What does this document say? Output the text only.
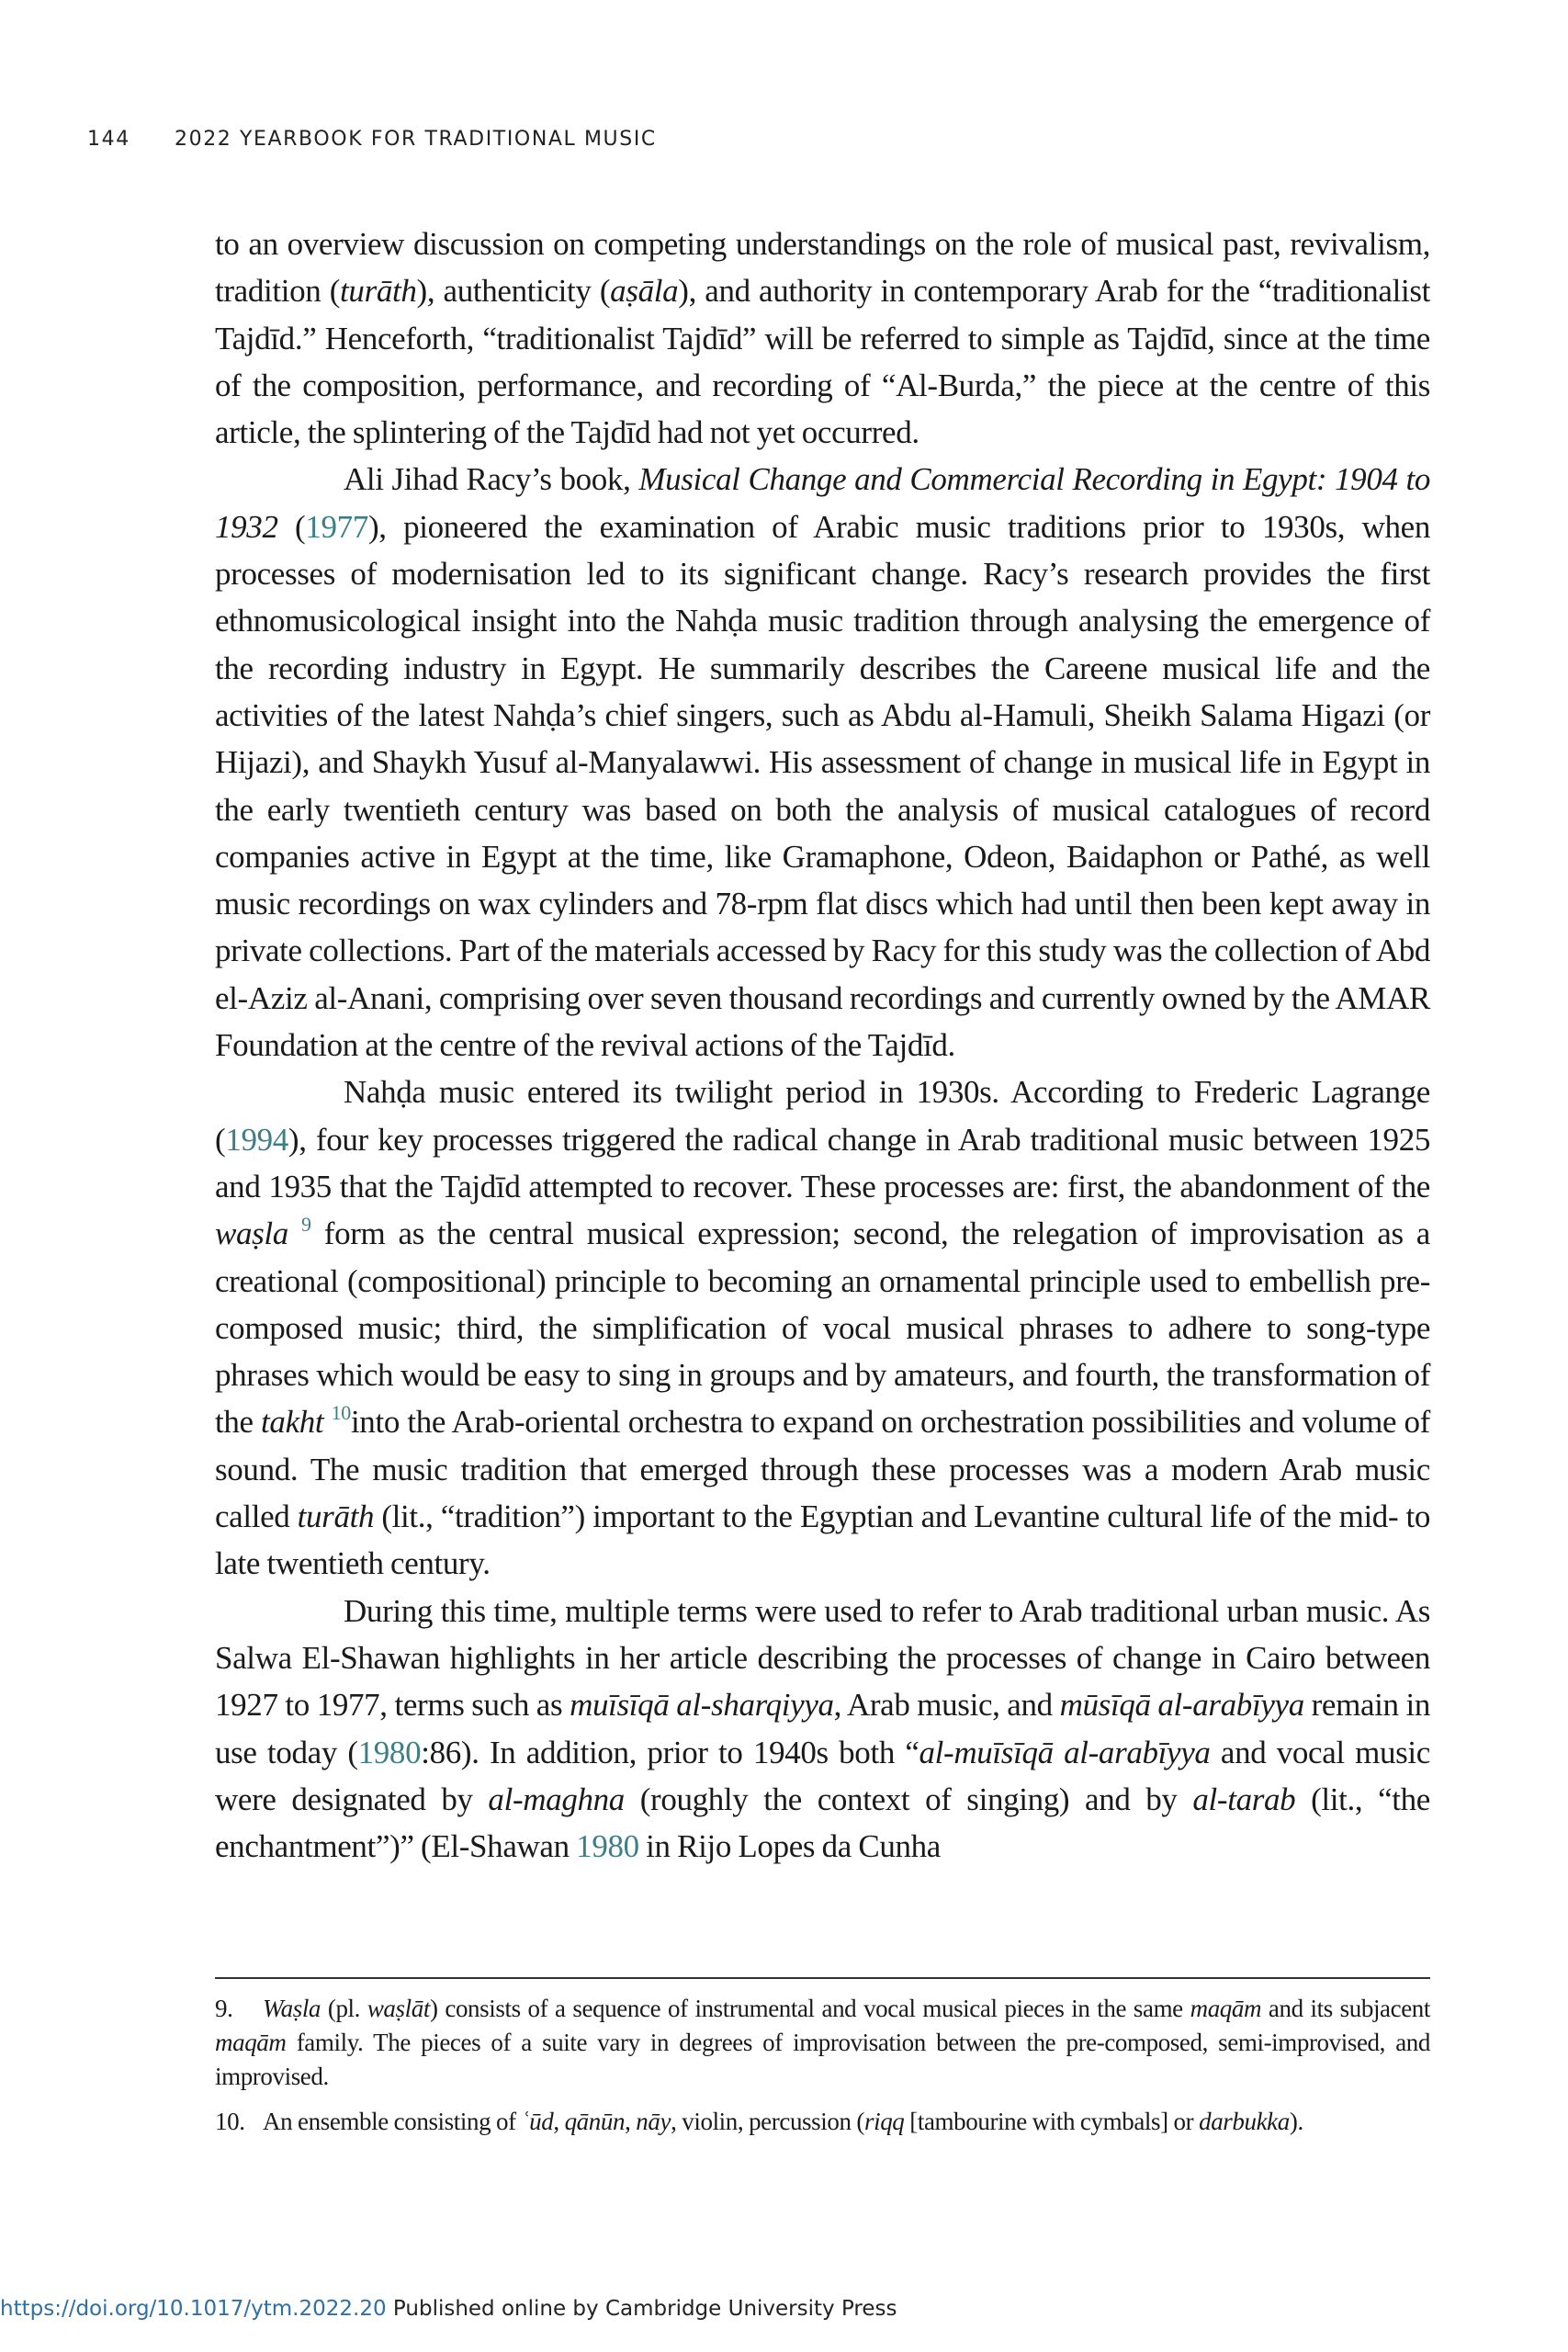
144 2022 YEARBOOK FOR TRADITIONAL MUSIC

to an overview discussion on competing understandings on the role of musical past, revivalism, tradition (turāth), authenticity (aṣāla), and authority in contemporary Arab for the “traditionalist Tajdīd.” Henceforth, “traditionalist Tajdīd” will be referred to simple as Tajdīd, since at the time of the composition, performance, and recording of “Al-Burda,” the piece at the centre of this article, the splintering of the Tajdīd had not yet occurred.

Ali Jihad Racy’s book, Musical Change and Commercial Recording in Egypt: 1904 to 1932 (1977), pioneered the examination of Arabic music traditions prior to 1930s, when processes of modernisation led to its significant change. Racy’s research provides the first ethnomusicological insight into the Nahḍa music tradition through analysing the emergence of the recording industry in Egypt. He summarily describes the Careene musical life and the activities of the latest Nahḍa’s chief singers, such as Abdu al-Hamuli, Sheikh Salama Higazi (or Hijazi), and Shaykh Yusuf al-Manyalawwi. His assessment of change in musical life in Egypt in the early twentieth century was based on both the analysis of musical catalogues of record companies active in Egypt at the time, like Gramaphone, Odeon, Baidaphon or Pathé, as well music recordings on wax cylinders and 78-rpm flat discs which had until then been kept away in private collections. Part of the materials accessed by Racy for this study was the collection of Abd el-Aziz al-Anani, comprising over seven thousand recordings and currently owned by the AMAR Foundation at the centre of the revival actions of the Tajdīd.

Nahḍa music entered its twilight period in 1930s. According to Frederic Lagrange (1994), four key processes triggered the radical change in Arab traditional music between 1925 and 1935 that the Tajdīd attempted to recover. These processes are: first, the abandonment of the waṣla $^9$ form as the central musical expression; second, the relegation of improvisation as a creational (compositional) principle to becoming an ornamental principle used to embellish pre-composed music; third, the simplification of vocal musical phrases to adhere to song-type phrases which would be easy to sing in groups and by amateurs, and fourth, the transformation of the takht $^{10}$into the Arab-oriental orchestra to expand on orchestration possibilities and volume of sound. The music tradition that emerged through these processes was a modern Arab music called turāth (lit., “tradition”) important to the Egyptian and Levantine cultural life of the mid- to late twentieth century.

During this time, multiple terms were used to refer to Arab traditional urban music. As Salwa El-Shawan highlights in her article describing the processes of change in Cairo between 1927 to 1977, terms such as muīsīqā al-sharqiyya, Arab music, and mūsīqā al-arabīyya remain in use today (1980:86). In addition, prior to 1940s both “al-muīsīqā al-arabīyya and vocal music were designated by al-maghna (roughly the context of singing) and by al-tarab (lit., “the enchantment”)” (El-Shawan 1980 in Rijo Lopes da Cunha

9. Waṣla (pl. waṣlāt) consists of a sequence of instrumental and vocal musical pieces in the same maqām and its subjacent maqām family. The pieces of a suite vary in degrees of improvisation between the pre-composed, semi-improvised, and improvised.

10. An ensemble consisting of ʿūd, qānūn, nāy, violin, percussion (riqq [tambourine with cymbals] or darbukka).

https://doi.org/10.1017/ytm.2022.20 Published online by Cambridge University Press
